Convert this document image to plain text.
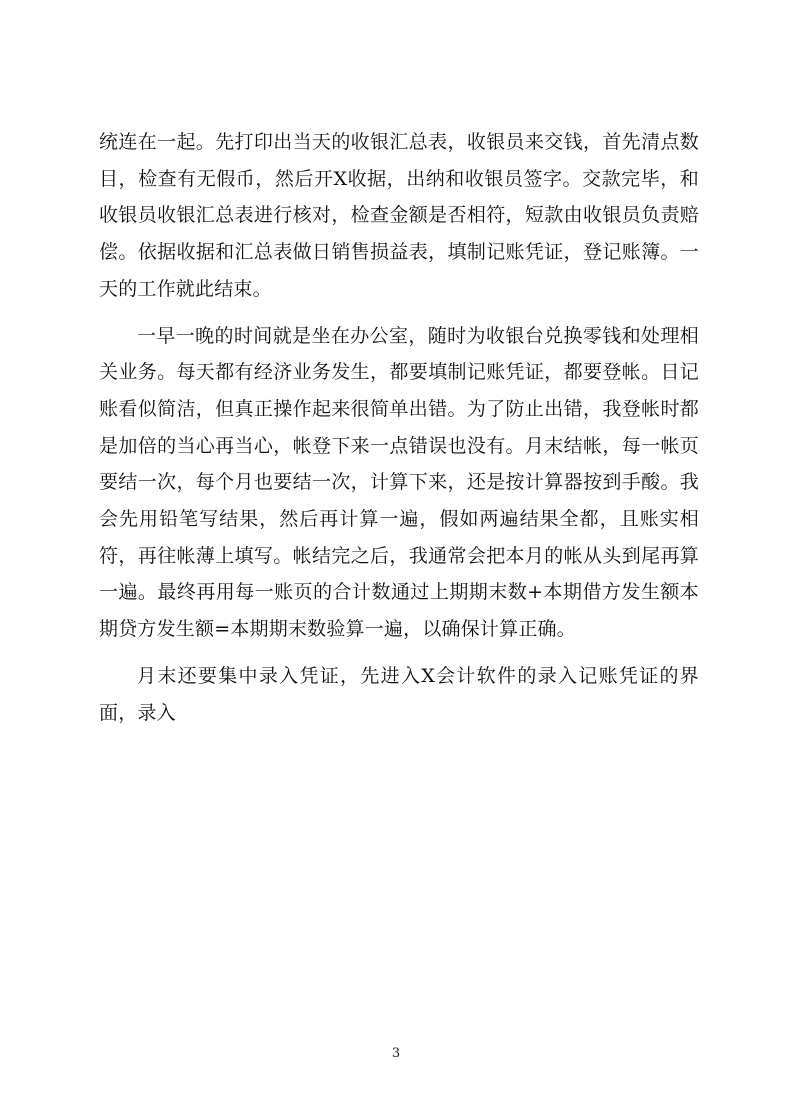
统连在一起。先打印出当天的收银汇总表，收银员来交钱，首先清点数目，检查有无假币，然后开X收据，出纳和收银员签字。交款完毕，和收银员收银汇总表进行核对，检查金额是否相符，短款由收银员负责赔偿。依据收据和汇总表做日销售损益表，填制记账凭证，登记账簿。一天的工作就此结束。

一早一晚的时间就是坐在办公室，随时为收银台兑换零钱和处理相关业务。每天都有经济业务发生，都要填制记账凭证，都要登帐。日记账看似简洁，但真正操作起来很简单出错。为了防止出错，我登帐时都是加倍的当心再当心，帐登下来一点错误也没有。月末结帐，每一帐页要结一次，每个月也要结一次，计算下来，还是按计算器按到手酸。我会先用铅笔写结果，然后再计算一遍，假如两遍结果全都，且账实相符，再往帐薄上填写。帐结完之后，我通常会把本月的帐从头到尾再算一遍。最终再用每一账页的合计数通过上期期末数+本期借方发生额本期贷方发生额=本期期末数验算一遍，以确保计算正确。

月末还要集中录入凭证，先进入X会计软件的录入记账凭证的界面，录入

3
